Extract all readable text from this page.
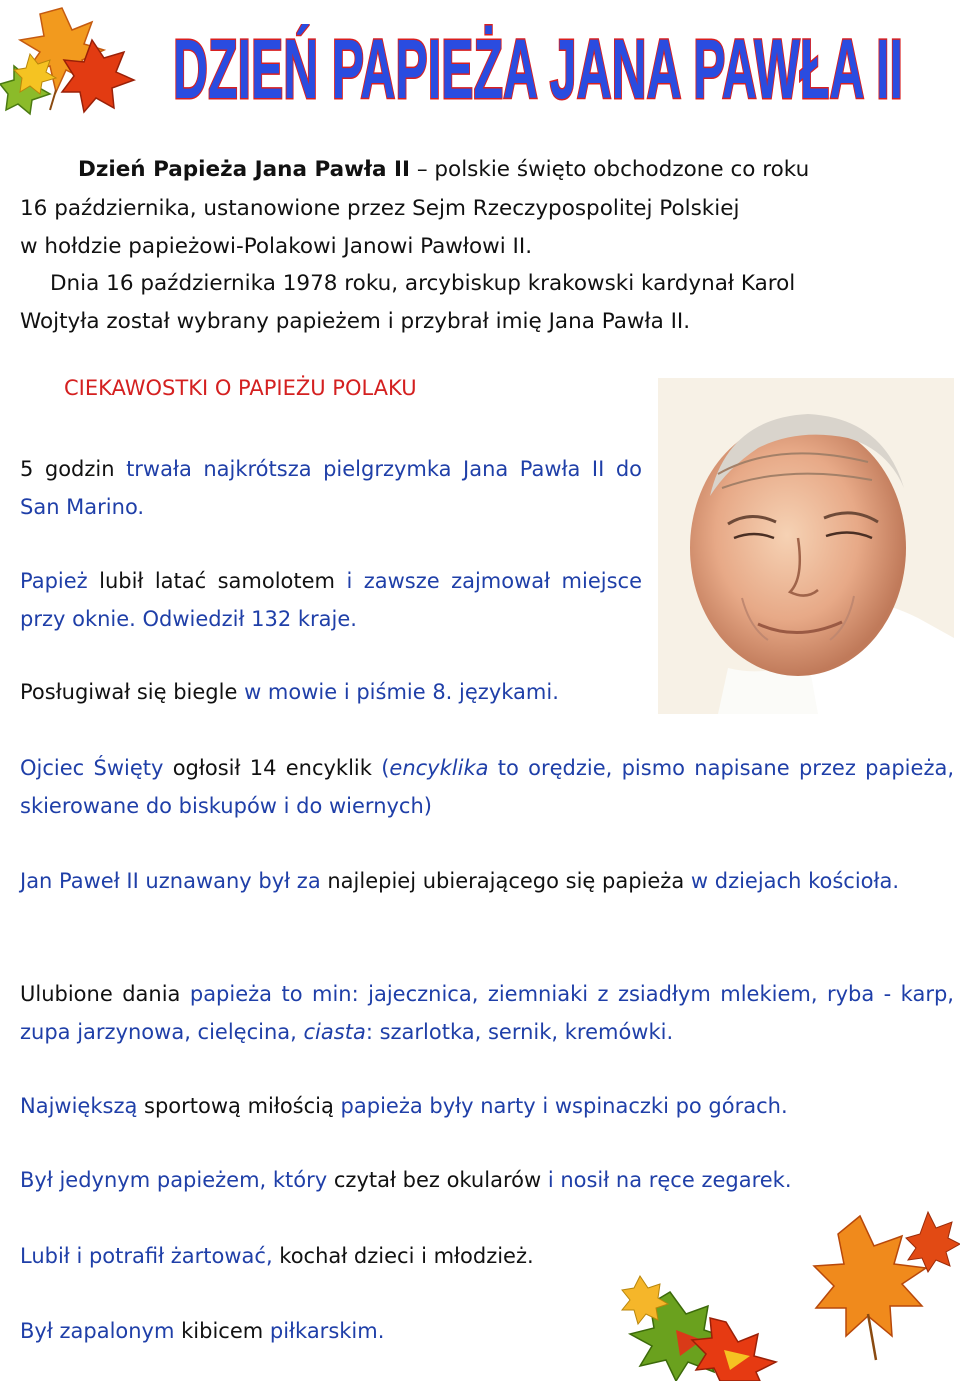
DZIEŃ PAPIEŻA JANA PAWŁA II
Dzień Papieża Jana Pawła II – polskie święto obchodzone co roku
16 października, ustanowione przez Sejm Rzeczypospolitej Polskiej
w hołdzie papieżowi-Polakowi Janowi Pawłowi II.
Dnia 16 października 1978 roku, arcybiskup krakowski kardynał Karol
Wojtyła został wybrany papieżem i przybrał imię Jana Pawła II.
CIEKAWOSTKI O PAPIEŻU POLAKU
5 godzin trwała najkrótsza pielgrzymka Jana Pawła II do San Marino.
Papież lubił latać samolotem i zawsze zajmował miejsce przy oknie. Odwiedził 132 kraje.
Posługiwał się biegle w mowie i piśmie 8. językami.
Ojciec Święty ogłosił 14 encyklik (encyklika to orędzie, pismo napisane przez papieża, skierowane do biskupów i do wiernych)
Jan Paweł II uznawany był za najlepiej ubierającego się papieża w dziejach kościoła.
Ulubione dania papieża to min: jajecznica, ziemniaki z zsiadłym mlekiem, ryba - karp, zupa jarzynowa, cielęcina, ciasta: szarlotka, sernik, kremówki.
Największą sportową miłością papieża były narty i wspinaczki po górach.
Był jedynym papieżem, który czytał bez okularów i nosił na ręce zegarek.
Lubił i potrafił żartować, kochał dzieci i młodzież.
Był zapalonym kibicem piłkarskim.
